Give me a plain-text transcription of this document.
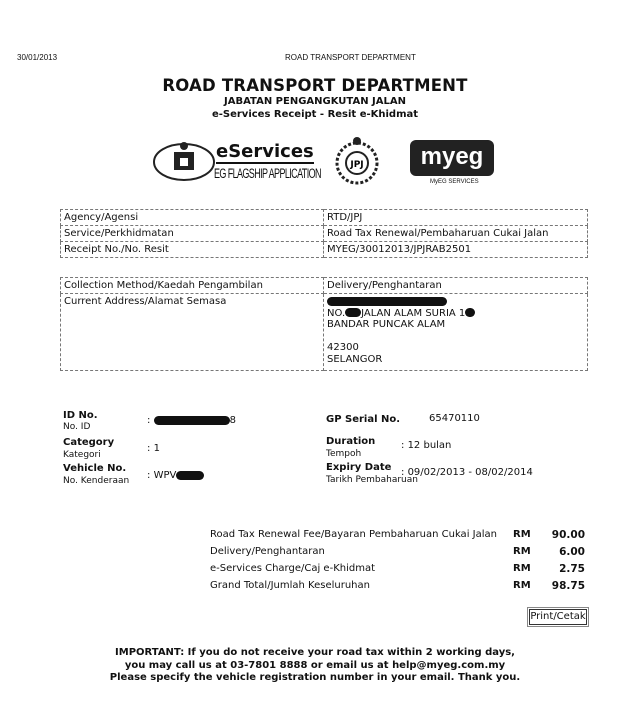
30/01/2013	ROAD TRANSPORT DEPARTMENT
ROAD TRANSPORT DEPARTMENT
JABATAN PENGANGKUTAN JALAN
e-Services Receipt - Resit e-Khidmat
eServices
EG FLAGSHIP APPLICATION
JPJ	myeg
MyEG SERVICES
Agency/Agensi	RTD/JPJ
Service/Perkhidmatan	Road Tax Renewal/Pembaharuan Cukai Jalan
Receipt No./No. Resit	MYEG/30012013/JPJRAB2501
Collection Method/Kaedah Pengambilan	Delivery/Penghantaran
Current Address/Alamat Semasa	NO. JALAN ALAM SURIA 1
BANDAR PUNCAK ALAM

42300
SELANGOR
ID No.
No. ID
:	8
Category
Kategori
: 1
Vehicle No.
No. Kenderaan : WPV
GP Serial No.	65470110
Duration
Tempoh
: 12 bulan
Expiry Date
Tarikh Pembaharuan
: 09/02/2013 - 08/02/2014
Road Tax Renewal Fee/Bayaran Pembaharuan Cukai Jalan	RM	90.00
Delivery/Penghantaran	RM	6.00
e-Services Charge/Caj e-Khidmat	RM	2.75
Grand Total/Jumlah Keseluruhan	RM	98.75
Print/Cetak
IMPORTANT: If you do not receive your road tax within 2 working days,
you may call us at 03-7801 8888 or email us at help@myeg.com.my
Please specify the vehicle registration number in your email. Thank you.
